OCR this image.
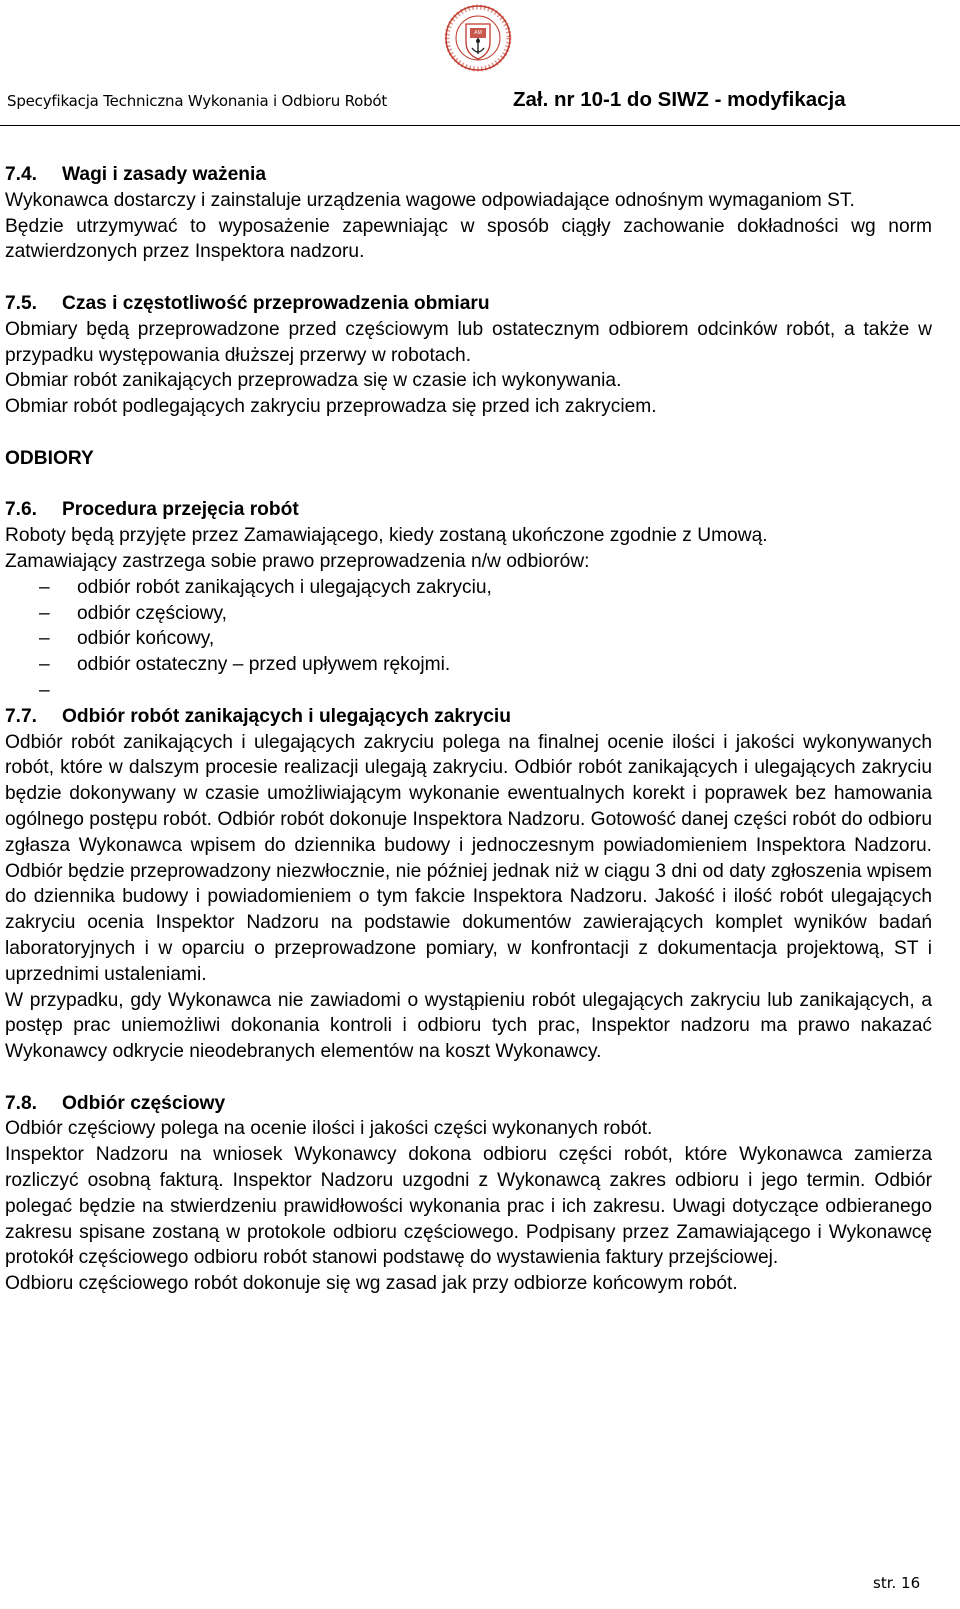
AM
Specyfikacja Techniczna Wykonania i Odbioru Robót	Zał. nr 10-1 do SIWZ - modyfikacja

7.4. Wagi i zasady ważenia

Wykonawca dostarczy i zainstaluje urządzenia wagowe odpowiadające odnośnym wymaganiom ST.

Będzie utrzymywać to wyposażenie zapewniając w sposób ciągły zachowanie dokładności wg norm zatwierdzonych przez Inspektora nadzoru.

7.5. Czas i częstotliwość przeprowadzenia obmiaru

Obmiary będą przeprowadzone przed częściowym lub ostatecznym odbiorem odcinków robót, a także w przypadku występowania dłuższej przerwy w robotach.

Obmiar robót zanikających przeprowadza się w czasie ich wykonywania.

Obmiar robót podlegających zakryciu przeprowadza się przed ich zakryciem.

ODBIORY

7.6. Procedura przejęcia robót

Roboty będą przyjęte przez Zamawiającego, kiedy zostaną ukończone zgodnie z Umową.

Zamawiający zastrzega sobie prawo przeprowadzenia n/w odbiorów:

–	odbiór robót zanikających i ulegających zakryciu,
–	odbiór częściowy,
–	odbiór końcowy,
–	odbiór ostateczny – przed upływem rękojmi.
–

7.7. Odbiór robót zanikających i ulegających zakryciu

Odbiór robót zanikających i ulegających zakryciu polega na finalnej ocenie ilości i jakości wykonywanych robót, które w dalszym procesie realizacji ulegają zakryciu. Odbiór robót zanikających i ulegających zakryciu będzie dokonywany w czasie umożliwiającym wykonanie ewentualnych korekt i poprawek bez hamowania ogólnego postępu robót. Odbiór robót dokonuje Inspektora Nadzoru. Gotowość danej części robót do odbioru zgłasza Wykonawca wpisem do dziennika budowy i jednoczesnym powiadomieniem Inspektora Nadzoru. Odbiór będzie przeprowadzony niezwłocznie, nie później jednak niż w ciągu 3 dni od daty zgłoszenia wpisem do dziennika budowy i powiadomieniem o tym fakcie Inspektora Nadzoru. Jakość i ilość robót ulegających zakryciu ocenia Inspektor Nadzoru na podstawie dokumentów zawierających komplet wyników badań laboratoryjnych i w oparciu o przeprowadzone pomiary, w konfrontacji z dokumentacja projektową, ST i uprzednimi ustaleniami.

W przypadku, gdy Wykonawca nie zawiadomi o wystąpieniu robót ulegających zakryciu lub zanikających, a postęp prac uniemożliwi dokonania kontroli i odbioru tych prac, Inspektor nadzoru ma prawo nakazać Wykonawcy odkrycie nieodebranych elementów na koszt Wykonawcy.

7.8. Odbiór częściowy

Odbiór częściowy polega na ocenie ilości i jakości części wykonanych robót.

Inspektor Nadzoru na wniosek Wykonawcy dokona odbioru części robót, które Wykonawca zamierza rozliczyć osobną fakturą. Inspektor Nadzoru uzgodni z Wykonawcą zakres odbioru i jego termin. Odbiór polegać będzie na stwierdzeniu prawidłowości wykonania prac i ich zakresu. Uwagi dotyczące odbieranego zakresu spisane zostaną w protokole odbioru częściowego. Podpisany przez Zamawiającego i Wykonawcę protokół częściowego odbioru robót stanowi podstawę do wystawienia faktury przejściowej.

Odbioru częściowego robót dokonuje się wg zasad jak przy odbiorze końcowym robót.

str. 16
